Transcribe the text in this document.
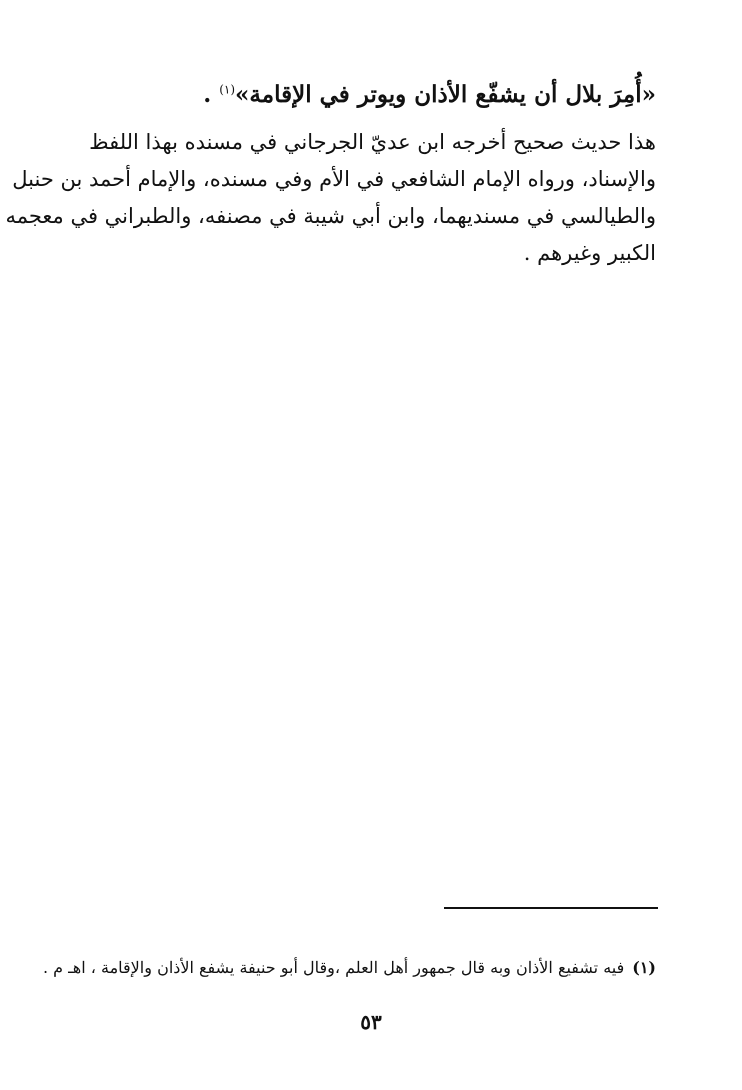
«أُمِرَ بلال أن يشفّع الأذان ويوتر في الإقامة»$^{(١)}$ .
هذا حديث صحيح أخرجه ابن عديّ الجرجاني في مسنده بهذا اللفظ
والإسناد، ورواه الإمام الشافعي في الأم وفي مسنده، والإمام أحمد بن حنبل
والطيالسي في مسنديهما، وابن أبي شيبة في مصنفه، والطبراني في معجمه
الكبير وغيرهم .
(١)فيه تشفيع الأذان وبه قال جمهور أهل العلم ،وقال أبو حنيفة يشفع الأذان والإقامة ، اهـ م .
٥٣
